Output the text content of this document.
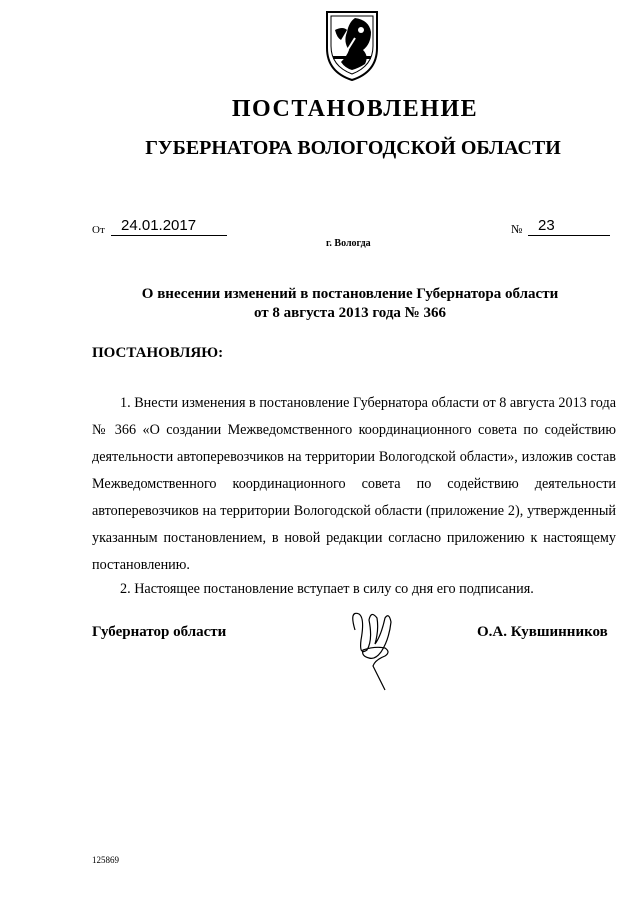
ПОСТАНОВЛЕНИЕ
ГУБЕРНАТОРА ВОЛОГОДСКОЙ ОБЛАСТИ
От 24.01.2017	№ 23
г. Вологда
О внесении изменений в постановление Губернатора области
от 8 августа 2013 года № 366
ПОСТАНОВЛЯЮ:
1. Внести изменения в постановление Губернатора области от 8 августа 2013 года № 366 «О создании Межведомственного координационного совета по содействию деятельности автоперевозчиков на территории Вологодской области», изложив состав Межведомственного координационного совета по содействию деятельности автоперевозчиков на территории Вологодской области (приложение 2), утвержденный указанным постановлением, в новой редакции согласно приложению к настоящему постановлению.
2. Настоящее постановление вступает в силу со дня его подписания.
Губернатор области	О.А. Кувшинников
125869
